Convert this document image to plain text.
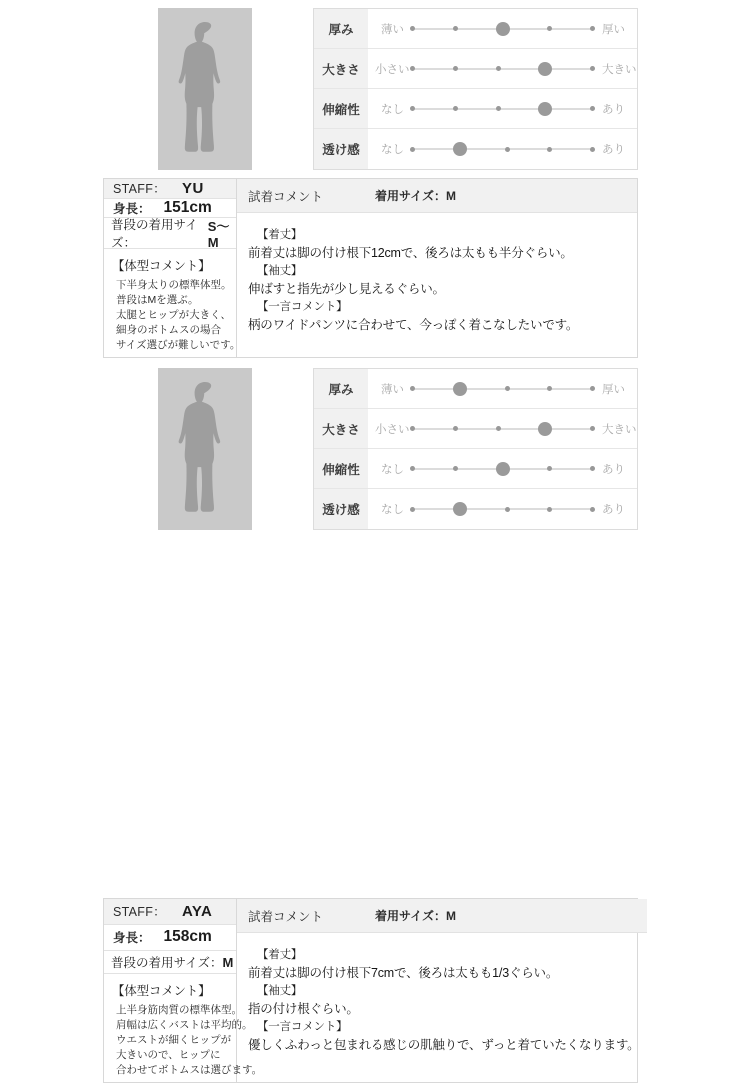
厚み	薄い	厚い
大きさ	小さい	大きい
伸縮性	なし	あり
透け感	なし	あり
STAFF： YU
身長： 151cm
普段の着用サイズ：
S～M
【体型コメント】
下半身太りの標準体型。
普段はMを選ぶ。
太腿とヒップが大きく、
細身のボトムスの場合
サイズ選びが難しいです。
試着コメント	着用サイズ：M
【着丈】
前着丈は脚の付け根下12cmで、後ろは太もも半分ぐらい。
【袖丈】
伸ばすと指先が少し見えるぐらい。
【一言コメント】
柄のワイドパンツに合わせて、今っぽく着こなしたいです。
厚み	薄い	厚い
大きさ	小さい	大きい
伸縮性	なし	あり
透け感	なし	あり
STAFF： AYA
身長： 158cm
普段の着用サイズ： M
【体型コメント】
上半身筋肉質の標準体型。
肩幅は広くバストは平均的。
ウエストが細くヒップが
大きいので、ヒップに
合わせてボトムスは選びます。
試着コメント	着用サイズ：M
【着丈】
前着丈は脚の付け根下7cmで、後ろは太もも1/3ぐらい。
【袖丈】
指の付け根ぐらい。
【一言コメント】
優しくふわっと包まれる感じの肌触りで、ずっと着ていたくなります。
